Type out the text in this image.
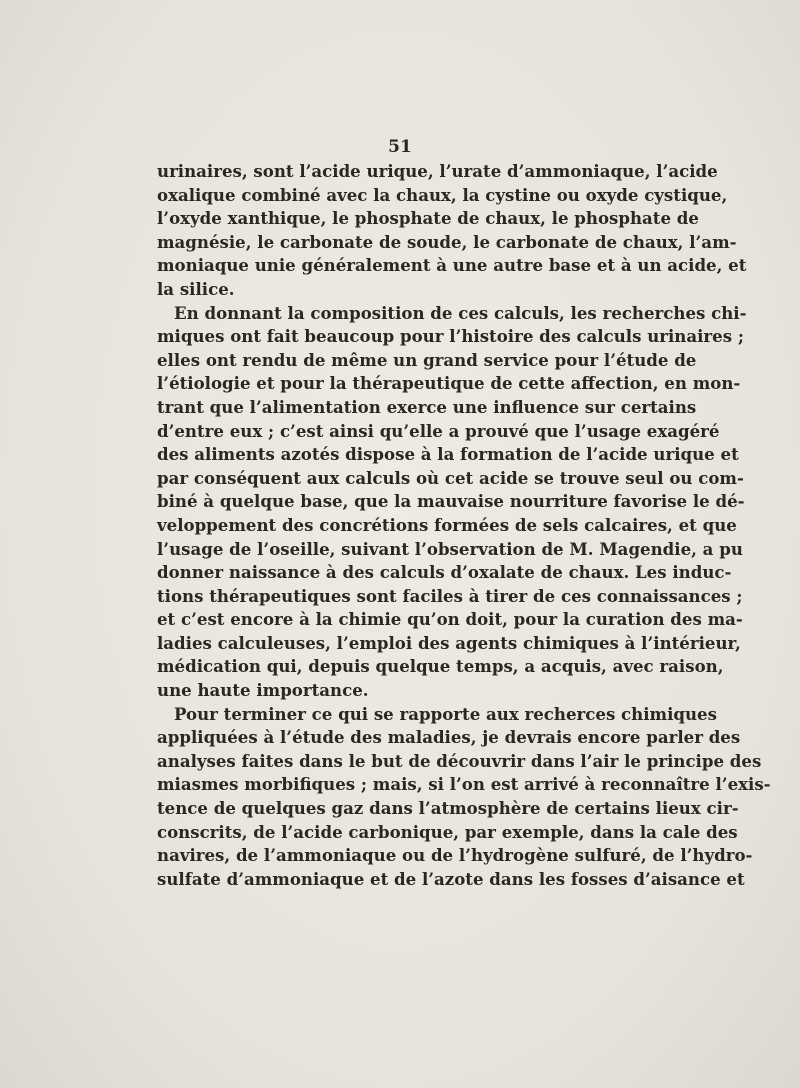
51
urinaires, sont l’acide urique, l’urate d’ammoniaque, l’acide
oxalique combiné avec la chaux, la cystine ou oxyde cystique,
l’oxyde xanthique, le phosphate de chaux, le phosphate de
magnésie, le carbonate de soude, le carbonate de chaux, l’am-
moniaque unie généralement à une autre base et à un acide, et
la silice.
En donnant la composition de ces calculs, les recherches chi-
miques ont fait beaucoup pour l’histoire des calculs urinaires ;
elles ont rendu de même un grand service pour l’étude de
l’étiologie et pour la thérapeutique de cette affection, en mon-
trant que l’alimentation exerce une influence sur certains
d’entre eux ; c’est ainsi qu’elle a prouvé que l’usage exagéré
des aliments azotés dispose à la formation de l’acide urique et
par conséquent aux calculs où cet acide se trouve seul ou com-
biné à quelque base, que la mauvaise nourriture favorise le dé-
veloppement des concrétions formées de sels calcaires, et que
l’usage de l’oseille, suivant l’observation de M. Magendie, a pu
donner naissance à des calculs d’oxalate de chaux. Les induc-
tions thérapeutiques sont faciles à tirer de ces connaissances ;
et c’est encore à la chimie qu’on doit, pour la curation des ma-
ladies calculeuses, l’emploi des agents chimiques à l’intérieur,
médication qui, depuis quelque temps, a acquis, avec raison,
une haute importance.
Pour terminer ce qui se rapporte aux recherces chimiques
appliquées à l’étude des maladies, je devrais encore parler des
analyses faites dans le but de découvrir dans l’air le principe des
miasmes morbifiques ; mais, si l’on est arrivé à reconnaître l’exis-
tence de quelques gaz dans l’atmosphère de certains lieux cir-
conscrits, de l’acide carbonique, par exemple, dans la cale des
navires, de l’ammoniaque ou de l’hydrogène sulfuré, de l’hydro-
sulfate d’ammoniaque et de l’azote dans les fosses d’aisance et
